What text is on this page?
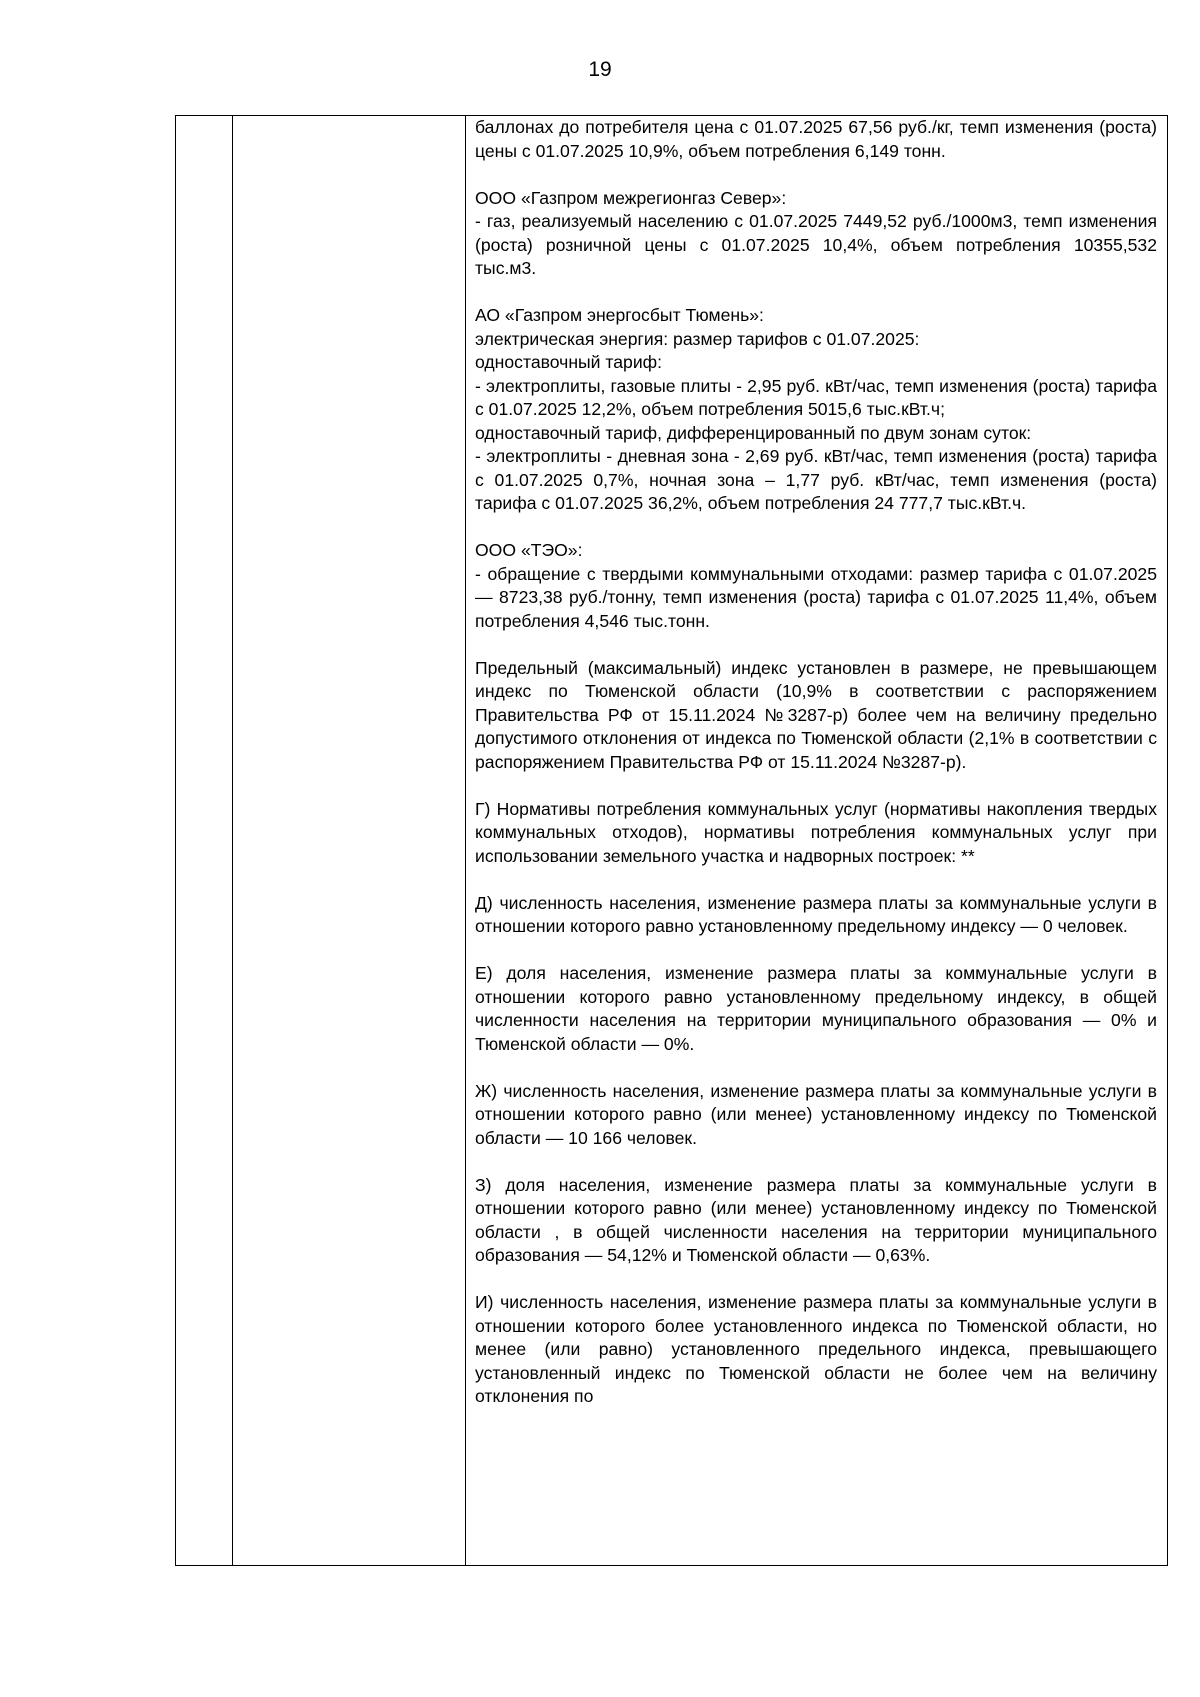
19

баллонах до потребителя цена с 01.07.2025 67,56 руб./кг, темп изменения (роста) цены с 01.07.2025 10,9%, объем потребления 6,149 тонн.

ООО «Газпром межрегионгаз Север»:
- газ, реализуемый населению с 01.07.2025 7449,52 руб./1000м3, темп изменения (роста) розничной цены с 01.07.2025 10,4%, объем потребления 10355,532 тыс.м3.

АО «Газпром энергосбыт Тюмень»:
электрическая энергия: размер тарифов с 01.07.2025:
одноставочный тариф:
- электроплиты, газовые плиты - 2,95 руб. кВт/час, темп изменения (роста) тарифа с 01.07.2025 12,2%, объем потребления 5015,6 тыс.кВт.ч;
одноставочный тариф, дифференцированный по двум зонам суток:
- электроплиты - дневная зона - 2,69 руб. кВт/час, темп изменения (роста) тарифа с 01.07.2025 0,7%, ночная зона – 1,77 руб. кВт/час, темп изменения (роста) тарифа с 01.07.2025 36,2%, объем потребления 24 777,7 тыс.кВт.ч.

ООО «ТЭО»:
- обращение с твердыми коммунальными отходами: размер тарифа с 01.07.2025 — 8723,38 руб./тонну, темп изменения (роста) тарифа с 01.07.2025 11,4%, объем потребления 4,546 тыс.тонн.

Предельный (максимальный) индекс установлен в размере, не превышающем индекс по Тюменской области (10,9% в соответствии с распоряжением Правительства РФ от 15.11.2024 №3287-р) более чем на величину предельно допустимого отклонения от индекса по Тюменской области (2,1% в соответствии с распоряжением Правительства РФ от 15.11.2024 №3287-р).

Г) Нормативы потребления коммунальных услуг (нормативы накопления твердых коммунальных отходов), нормативы потребления коммунальных услуг при использовании земельного участка и надворных построек: **

Д) численность населения, изменение размера платы за коммунальные услуги в отношении которого равно установленному предельному индексу — 0 человек.

Е) доля населения, изменение размера платы за коммунальные услуги в отношении которого равно установленному предельному индексу, в общей численности населения на территории муниципального образования — 0% и Тюменской области — 0%.

Ж) численность населения, изменение размера платы за коммунальные услуги в отношении которого равно (или менее) установленному индексу по Тюменской области — 10 166 человек.

З) доля населения, изменение размера платы за коммунальные услуги в отношении которого равно (или менее) установленному индексу по Тюменской области , в общей численности населения на территории муниципального образования — 54,12% и Тюменской области — 0,63%.

И) численность населения, изменение размера платы за коммунальные услуги в отношении которого более установленного индекса по Тюменской области, но менее (или равно) установленного предельного индекса, превышающего установленный индекс по Тюменской области не более чем на величину отклонения по
